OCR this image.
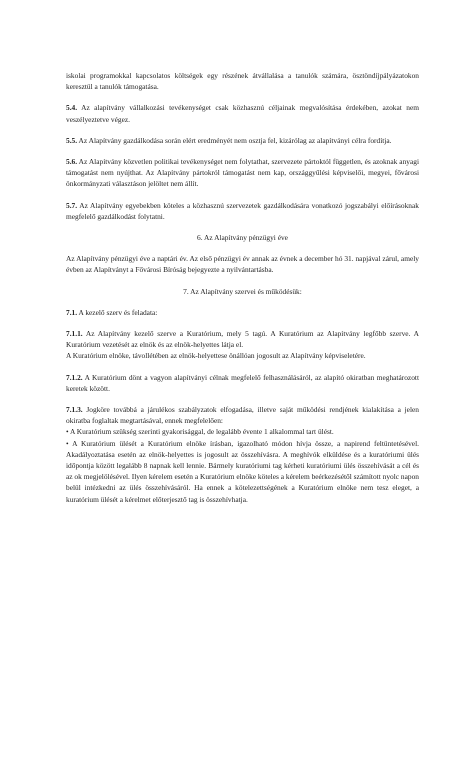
iskolai programokkal kapcsolatos költségek egy részének átvállalása a tanulók számára, ösztöndíjpályázatokon keresztül a tanulók támogatása.

5.4. Az alapítvány vállalkozási tevékenységet csak közhasznú céljainak megvalósítása érdekében, azokat nem veszélyeztetve végez.

5.5. Az Alapítvány gazdálkodása során elért eredményét nem osztja fel, kizárólag az alapítványi célra fordítja.

5.6. Az Alapítvány közvetlen politikai tevékenységet nem folytathat, szervezete pártoktól független, és azoknak anyagi támogatást nem nyújthat. Az Alapítvány pártokról támogatást nem kap, országgyűlési képviselői, megyei, fővárosi önkormányzati választáson jelöltet nem állít.

5.7. Az Alapítvány egyebekben köteles a közhasznú szervezetek gazdálkodására vonatkozó jogszabályi előírásoknak megfelelő gazdálkodást folytatni.

6. Az Alapítvány pénzügyi éve

Az Alapítvány pénzügyi éve a naptári év. Az első pénzügyi év annak az évnek a december hó 31. napjával zárul, amely évben az Alapítványt a Fővárosi Bíróság bejegyezte a nyilvántartásba.

7. Az Alapítvány szervei és működésük:

7.1. A kezelő szerv és feladata:

7.1.1. Az Alapítvány kezelő szerve a Kuratórium, mely 5 tagú. A Kuratórium az Alapítvány legfőbb szerve. A Kuratórium vezetését az elnök és az elnök-helyettes látja el.

A Kuratórium elnöke, távollétében az elnök-helyettese önállóan jogosult az Alapítvány képviseletére.

7.1.2. A Kuratórium dönt a vagyon alapítványi célnak megfelelő felhasználásáról, az alapító okiratban meghatározott keretek között.

7.1.3. Jogköre továbbá a járulékos szabályzatok elfogadása, illetve saját működési rendjének kialakítása a jelen okiratba foglaltak megtartásával, ennek megfelelően:

• A Kuratórium szükség szerinti gyakorisággal, de legalább évente 1 alkalommal tart ülést.

• A Kuratórium ülését a Kuratórium elnöke írásban, igazolható módon hívja össze, a napirend feltüntetésével. Akadályoztatása esetén az elnök-helyettes is jogosult az összehívásra. A meghívók elküldése és a kuratóriumi ülés időpontja között legalább 8 napnak kell lennie. Bármely kuratóriumi tag kérheti kuratóriumi ülés összehívását a cél és az ok megjelölésével. Ilyen kérelem esetén a Kuratórium elnöke köteles a kérelem beérkezésétől számított nyolc napon belül intézkedni az ülés összehívásáról. Ha ennek a kötelezettségének a Kuratórium elnöke nem tesz eleget, a kuratórium ülését a kérelmet előterjesztő tag is összehívhatja.
